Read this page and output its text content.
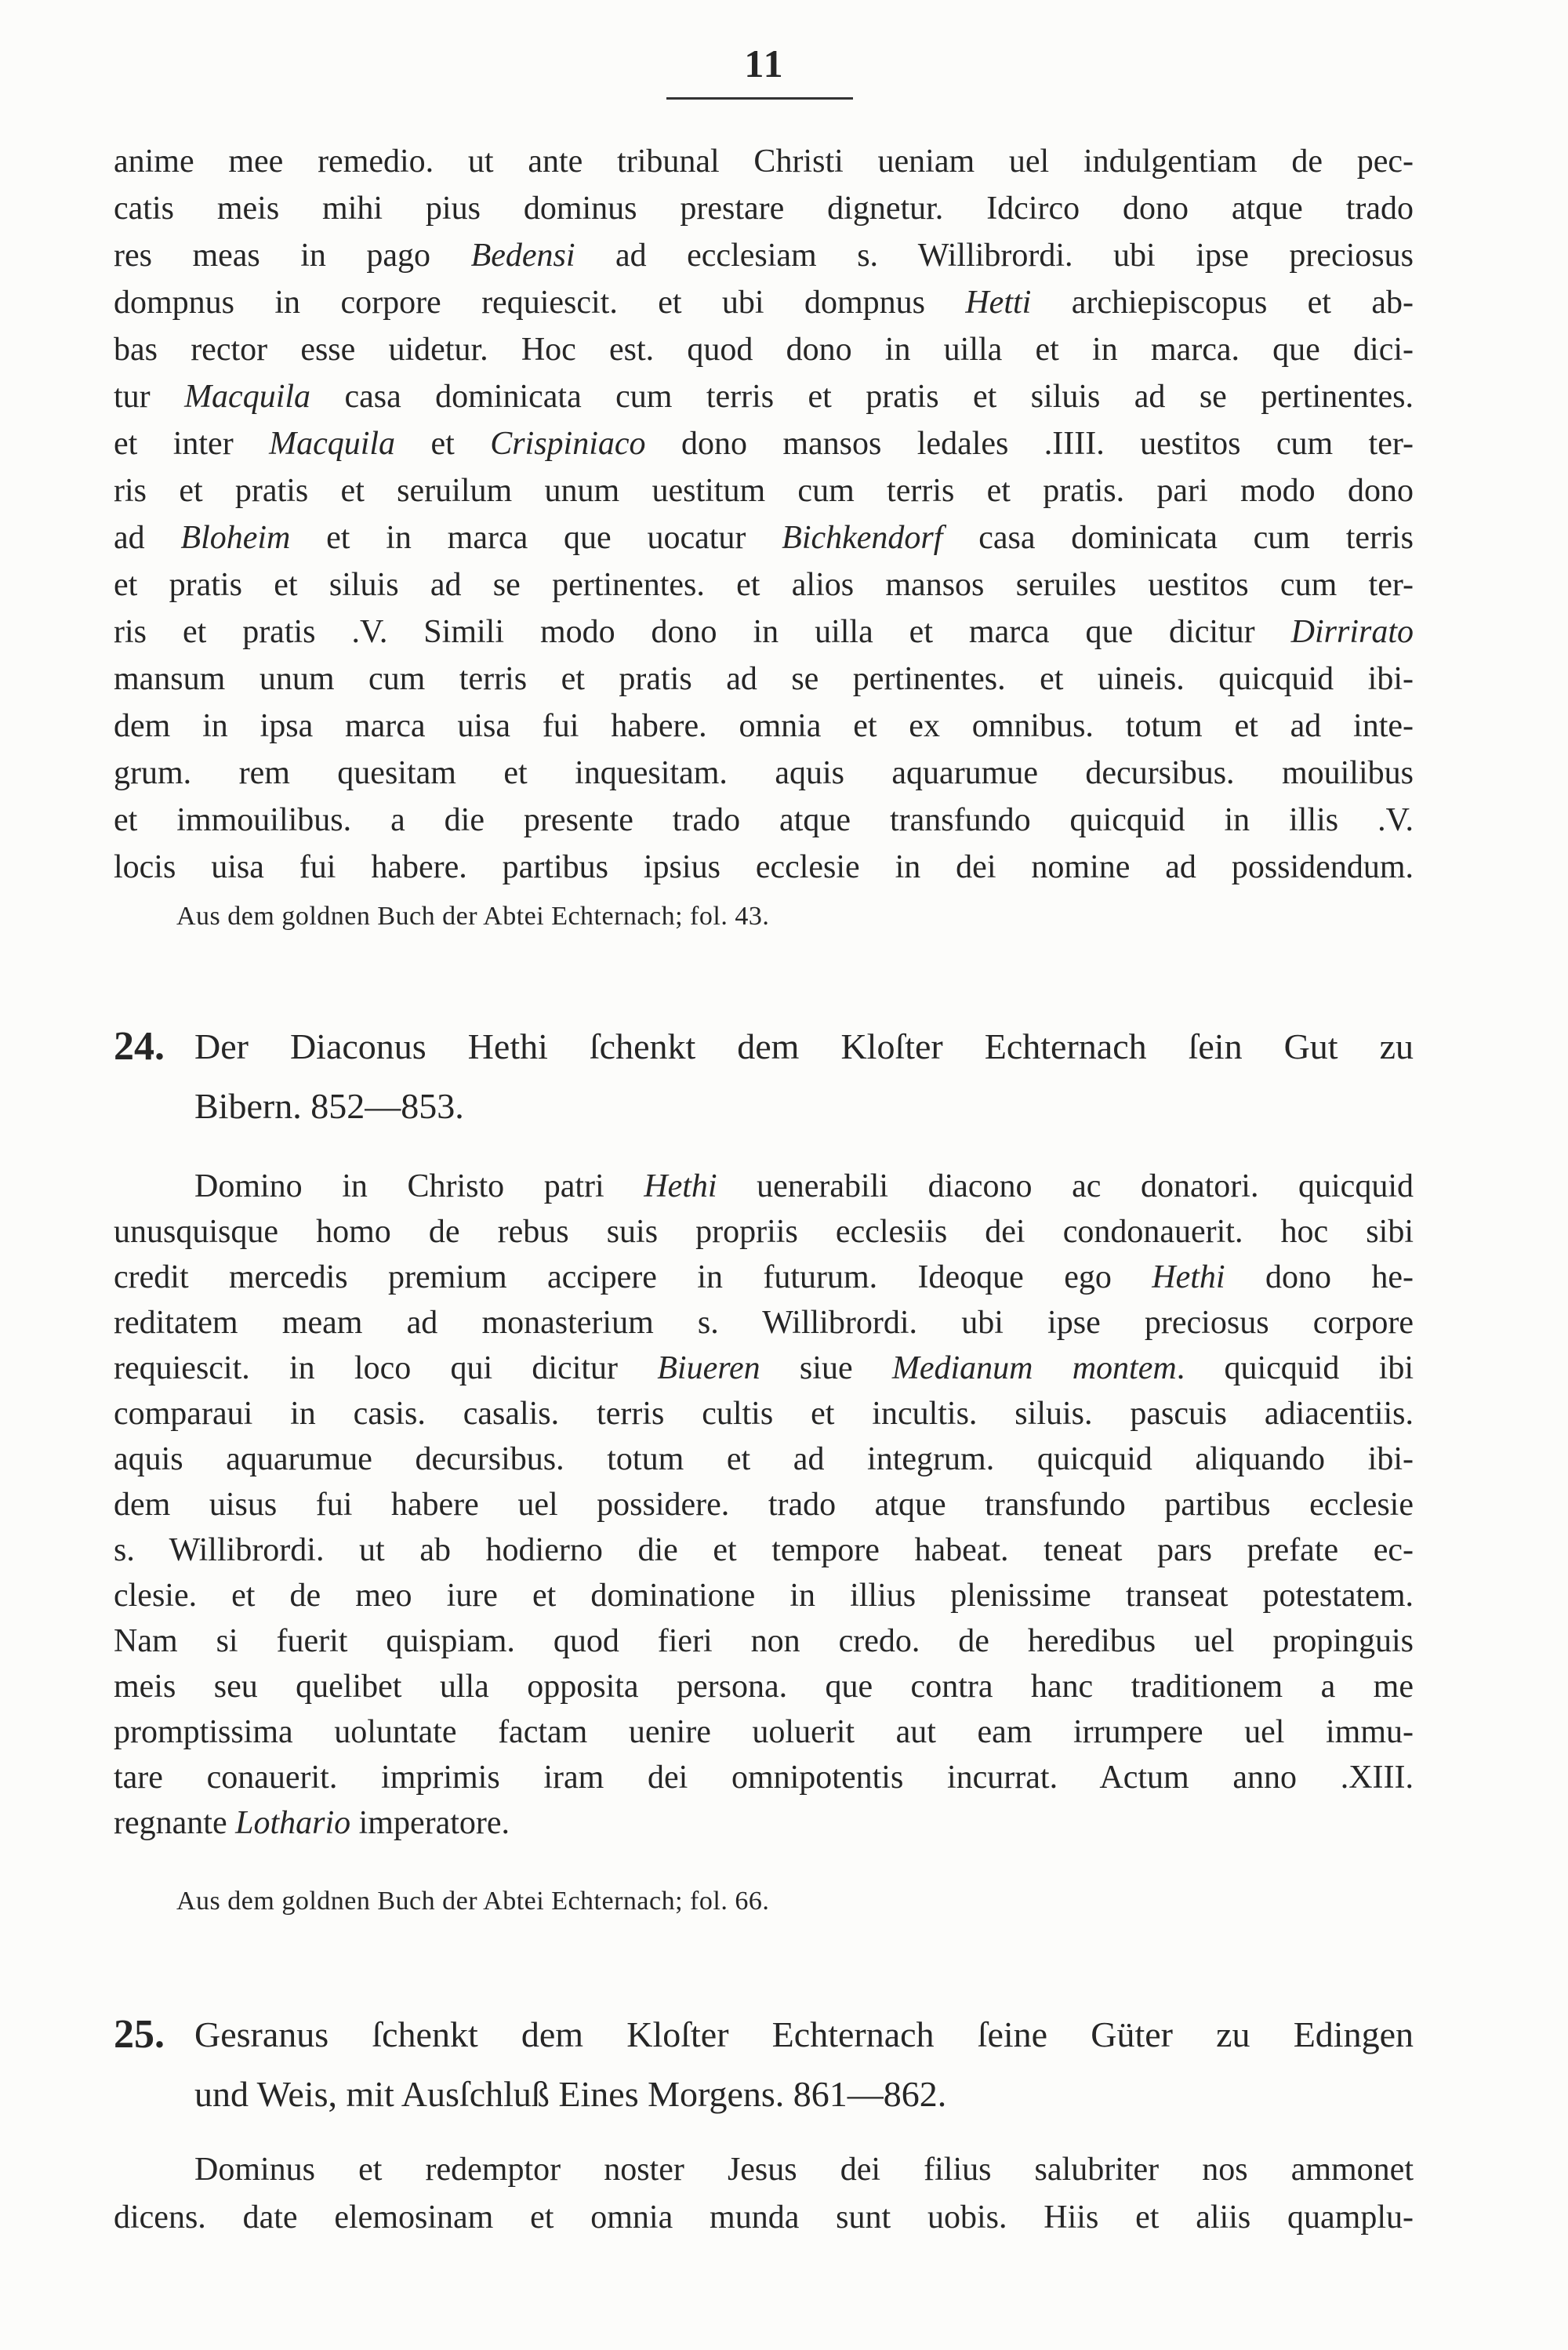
11
anime mee remedio. ut ante tribunal Christi ueniam uel indulgentiam de pec-
catis meis mihi pius dominus prestare dignetur. Idcirco dono atque trado
res meas in pago Bedensi ad ecclesiam s. Willibrordi. ubi ipse preciosus
dompnus in corpore requiescit. et ubi dompnus Hetti archiepiscopus et ab-
bas rector esse uidetur. Hoc est. quod dono in uilla et in marca. que dici-
tur Macquila casa dominicata cum terris et pratis et siluis ad se pertinentes.
et inter Macquila et Crispiniaco dono mansos ledales .IIII. uestitos cum ter-
ris et pratis et seruilum unum uestitum cum terris et pratis. pari modo dono
ad Bloheim et in marca que uocatur Bichkendorf casa dominicata cum terris
et pratis et siluis ad se pertinentes. et alios mansos seruiles uestitos cum ter-
ris et pratis .V. Simili modo dono in uilla et marca que dicitur Dirrirato
mansum unum cum terris et pratis ad se pertinentes. et uineis. quicquid ibi-
dem in ipsa marca uisa fui habere. omnia et ex omnibus. totum et ad inte-
grum. rem quesitam et inquesitam. aquis aquarumue decursibus. mouilibus
et immouilibus. a die presente trado atque transfundo quicquid in illis .V.
locis uisa fui habere. partibus ipsius ecclesie in dei nomine ad possidendum.
Aus dem goldnen Buch der Abtei Echternach; fol. 43.
24. Der Diaconus Hethi ſchenkt dem Kloſter Echternach ſein Gut zu
Bibern. 852—853.
Domino in Christo patri Hethi uenerabili diacono ac donatori. quicquid
unusquisque homo de rebus suis propriis ecclesiis dei condonauerit. hoc sibi
credit mercedis premium accipere in futurum. Ideoque ego Hethi dono he-
reditatem meam ad monasterium s. Willibrordi. ubi ipse preciosus corpore
requiescit. in loco qui dicitur Biueren siue Medianum montem. quicquid ibi
comparaui in casis. casalis. terris cultis et incultis. siluis. pascuis adiacentiis.
aquis aquarumue decursibus. totum et ad integrum. quicquid aliquando ibi-
dem uisus fui habere uel possidere. trado atque transfundo partibus ecclesie
s. Willibrordi. ut ab hodierno die et tempore habeat. teneat pars prefate ec-
clesie. et de meo iure et dominatione in illius plenissime transeat potestatem.
Nam si fuerit quispiam. quod fieri non credo. de heredibus uel propinguis
meis seu quelibet ulla opposita persona. que contra hanc traditionem a me
promptissima uoluntate factam uenire uoluerit aut eam irrumpere uel immu-
tare conauerit. imprimis iram dei omnipotentis incurrat. Actum anno .XIII.
regnante Lothario imperatore.
Aus dem goldnen Buch der Abtei Echternach; fol. 66.
25. Gesranus ſchenkt dem Kloſter Echternach ſeine Güter zu Edingen
und Weis, mit Ausſchluß Eines Morgens. 861—862.
Dominus et redemptor noster Jesus dei filius salubriter nos ammonet
dicens. date elemosinam et omnia munda sunt uobis. Hiis et aliis quamplu-
